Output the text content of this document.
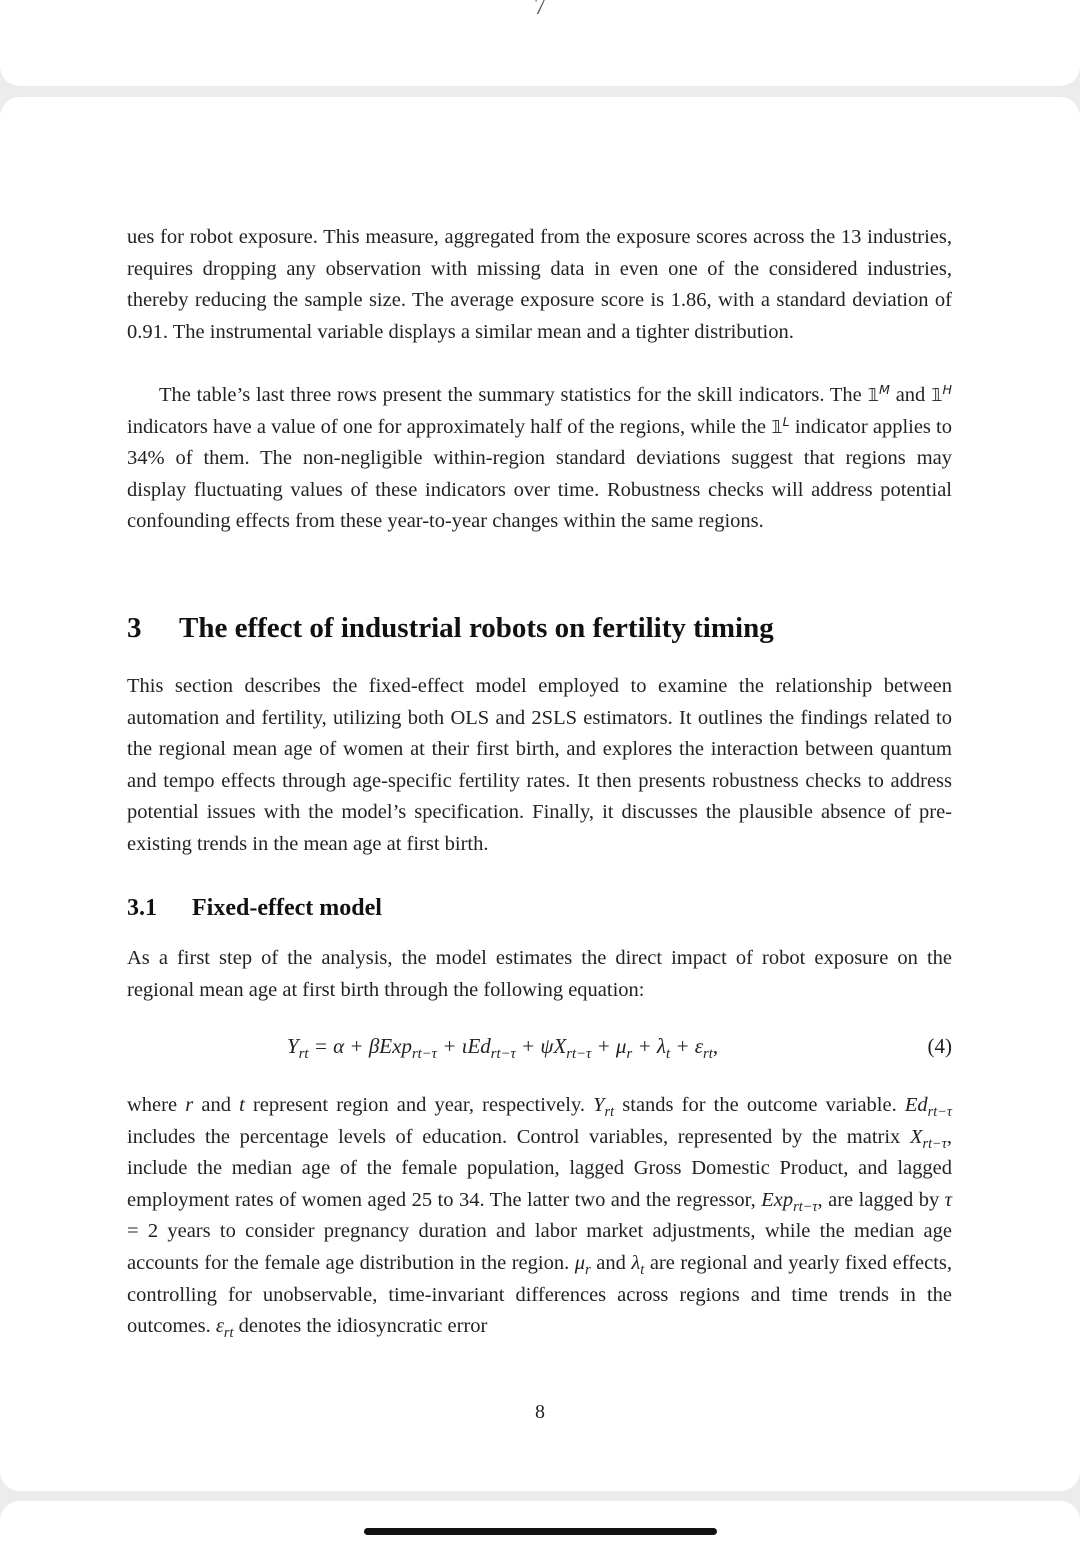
7

ues for robot exposure. This measure, aggregated from the exposure scores across the 13 industries, requires dropping any observation with missing data in even one of the considered industries, thereby reducing the sample size. The average exposure score is 1.86, with a standard deviation of 0.91. The instrumental variable displays a similar mean and a tighter distribution.

The table’s last three rows present the summary statistics for the skill indicators. The $𝟙^M$ and $𝟙^H$ indicators have a value of one for approximately half of the regions, while the $𝟙^L$ indicator applies to 34% of them. The non-negligible within-region standard deviations suggest that regions may display fluctuating values of these indicators over time. Robustness checks will address potential confounding effects from these year-to-year changes within the same regions.

3 The effect of industrial robots on fertility timing

This section describes the fixed-effect model employed to examine the relationship between automation and fertility, utilizing both OLS and 2SLS estimators. It outlines the findings related to the regional mean age of women at their first birth, and explores the interaction between quantum and tempo effects through age-specific fertility rates. It then presents robustness checks to address potential issues with the model’s specification. Finally, it discusses the plausible absence of pre-existing trends in the mean age at first birth.

3.1 Fixed-effect model

As a first step of the analysis, the model estimates the direct impact of robot exposure on the regional mean age at first birth through the following equation:

$Y_{rt} = \alpha + \beta Exp_{rt-\tau} + \iota Ed_{rt-\tau} + \psi X_{rt-\tau} + \mu_r + \lambda_t + \varepsilon_{rt}$,	(4)

where r and t represent region and year, respectively. $Y_{rt}$ stands for the outcome variable. $Ed_{rt-\tau}$ includes the percentage levels of education. Control variables, represented by the matrix $X_{rt-\tau}$, include the median age of the female population, lagged Gross Domestic Product, and lagged employment rates of women aged 25 to 34. The latter two and the regressor, Exp$_{rt-\tau}$, are lagged by τ = 2 years to consider pregnancy duration and labor market adjustments, while the median age accounts for the female age distribution in the region. $\mu_r$ and $\lambda_t$ are regional and yearly fixed effects, controlling for unobservable, time-invariant differences across regions and time trends in the outcomes. $\varepsilon_{rt}$ denotes the idiosyncratic error

8
